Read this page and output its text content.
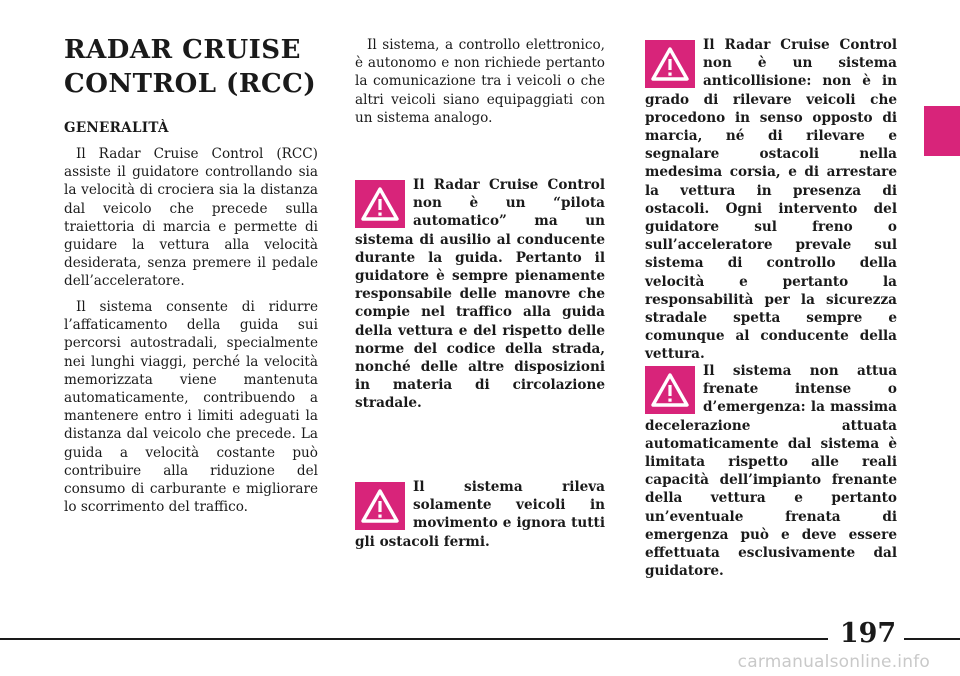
RADAR CRUISE
CONTROL (RCC)
GENERALITÀ

Il Radar Cruise Control (RCC) assiste il guidatore controllando sia la velocità di crociera sia la distanza dal veicolo che precede sulla traiettoria di marcia e permette di guidare la vettura alla velocità desiderata, senza premere il pedale dell’acceleratore.

Il sistema consente di ridurre l’affaticamento della guida sui percorsi autostradali, specialmente nei lunghi viaggi, perché la velocità memorizzata viene mantenuta automaticamente, contribuendo a mantenere entro i limiti adeguati la distanza dal veicolo che precede. La guida a velocità costante può contribuire alla riduzione del consumo di carburante e migliorare lo scorrimento del traffico.

Il sistema, a controllo elettronico, è autonomo e non richiede pertanto la comunicazione tra i veicoli o che altri veicoli siano equipaggiati con un sistema analogo.

Il Radar Cruise Control non è un “pilota automatico” ma un sistema di ausilio al conducente durante la guida. Pertanto il guidatore è sempre pienamente responsabile delle manovre che compie nel traffico alla guida della vettura e del rispetto delle norme del codice della strada, nonché delle altre disposizioni in materia di circolazione stradale.
Il sistema rileva solamente veicoli in movimento e ignora tutti gli ostacoli fermi.
Il Radar Cruise Control non è un sistema anticollisione: non è in grado di rilevare veicoli che procedono in senso opposto di marcia, né di rilevare e segnalare ostacoli nella medesima corsia, e di arrestare la vettura in presenza di ostacoli. Ogni intervento del guidatore sul freno o sull’acceleratore prevale sul sistema di controllo della velocità e pertanto la responsabilità per la sicurezza stradale spetta sempre e comunque al conducente della vettura.
Il sistema non attua frenate intense o d’emergenza: la massima decelerazione attuata automaticamente dal sistema è limitata rispetto alle reali capacità dell’impianto frenante della vettura e pertanto un’eventuale frenata di emergenza può e deve essere effettuata esclusivamente dal guidatore.
197
carmanualsonline.info
